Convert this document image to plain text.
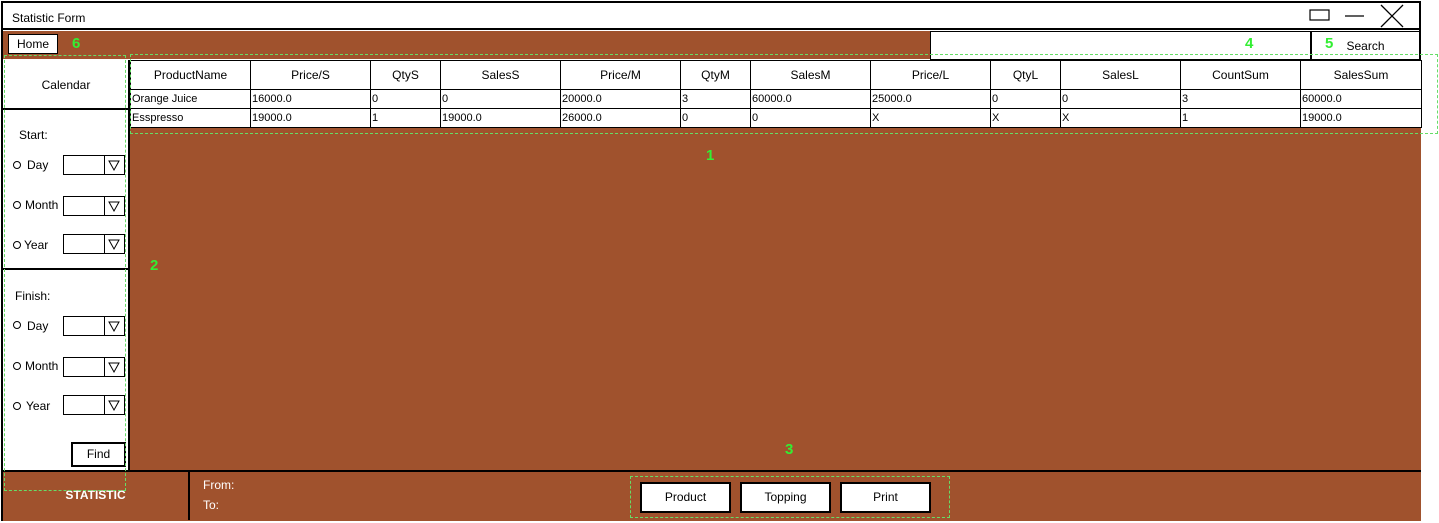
Statistic Form
Home	Search
Calendar
Start:
Day
Month
Year
Finish:
Day
Month
Year
Find
ProductName	Price/S	QtyS	SalesS	Price/M	QtyM	SalesM	Price/L	QtyL	SalesL	CountSum	SalesSum
Orange Juice	16000.0	0	0	20000.0	3	60000.0	25000.0	0	0	3	60000.0
Esspresso	19000.0	1	19000.0	26000.0	0	0	X	X	X	1	19000.0
STATISTIC
From:
To:
Product	Topping	Print
1
2
3
4	5
6
